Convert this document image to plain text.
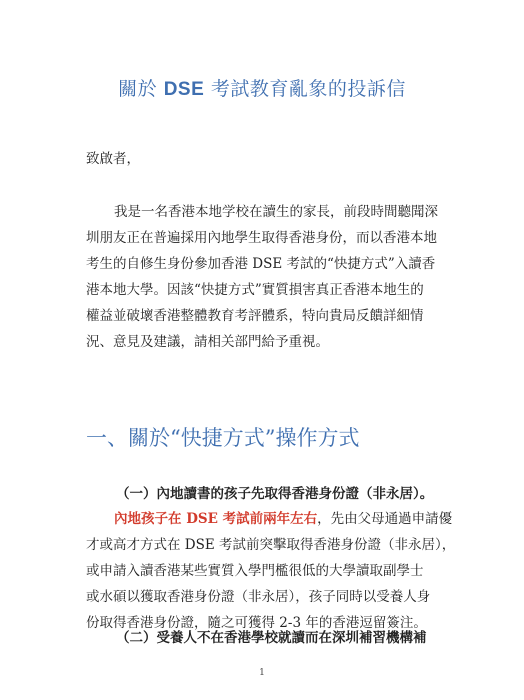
關於 DSE 考試教育亂象的投訴信
致啟者，
我是一名香港本地学校在讀生的家長，前段時間聽聞深
圳朋友正在普遍採用內地學生取得香港身份，而以香港本地
考生的自修生身份參加香港 DSE 考試的“快捷方式”入讀香
港本地大學。因該“快捷方式”實質損害真正香港本地生的
權益並破壞香港整體教育考評體系，特向貴局反饋詳細情
況、意見及建議，請相关部門給予重視。
一、關於“快捷方式”操作方式
（一）內地讀書的孩子先取得香港身份證（非永居）。
內地孩子在 DSE 考試前兩年左右，先由父母通過申請優
才或高才方式在 DSE 考試前突擊取得香港身份證（非永居），
或申請入讀香港某些實質入學門檻很低的大學讀取副學士
或水碩以獲取香港身份證（非永居），孩子同時以受養人身
份取得香港身份證，隨之可獲得 2-3 年的香港逗留簽注。
（二）受養人不在香港學校就讀而在深圳補習機構補
1
